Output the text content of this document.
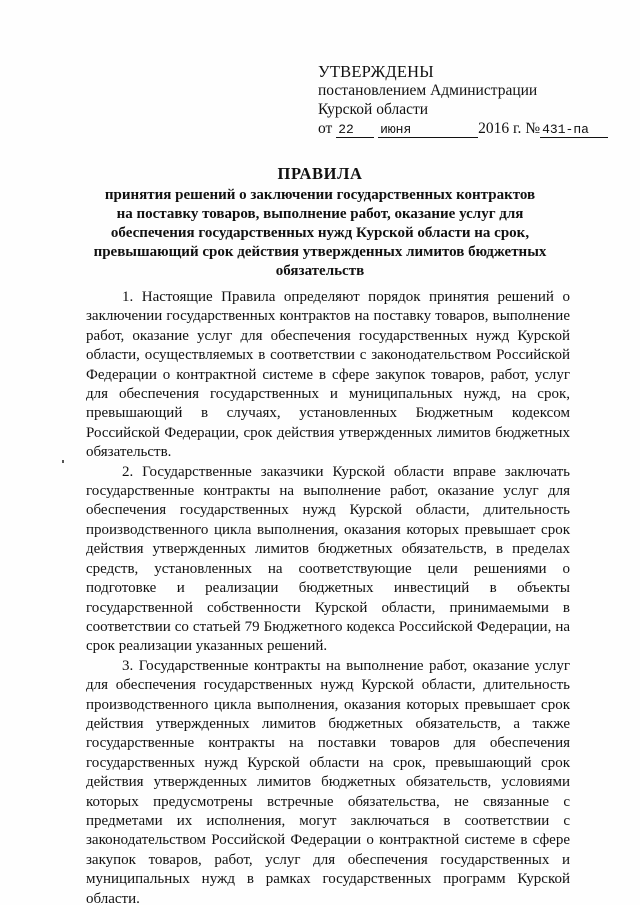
УТВЕРЖДЕНЫ
постановлением Администрации
Курской области
от 22 июня	2016 г. № 431-па
ПРАВИЛА
принятия решений о заключении государственных контрактов
на поставку товаров, выполнение работ, оказание услуг для
обеспечения государственных нужд Курской области на срок,
превышающий срок действия утвержденных лимитов бюджетных
обязательств

1. Настоящие Правила определяют порядок принятия решений о заключении государственных контрактов на поставку товаров, выполнение работ, оказание услуг для обеспечения государственных нужд Курской области, осуществляемых в соответствии с законодательством Российской Федерации о контрактной системе в сфере закупок товаров, работ, услуг для обеспечения государственных и муниципальных нужд, на срок, превышающий в случаях, установленных Бюджетным кодексом Российской Федерации, срок действия утвержденных лимитов бюджетных обязательств.

2. Государственные заказчики Курской области вправе заключать государственные контракты на выполнение работ, оказание услуг для обеспечения государственных нужд Курской области, длительность производственного цикла выполнения, оказания которых превышает срок действия утвержденных лимитов бюджетных обязательств, в пределах средств, установленных на соответствующие цели решениями о подготовке и реализации бюджетных инвестиций в объекты государственной собственности Курской области, принимаемыми в соответствии со статьей 79 Бюджетного кодекса Российской Федерации, на срок реализации указанных решений.

3. Государственные контракты на выполнение работ, оказание услуг для обеспечения государственных нужд Курской области, длительность производственного цикла выполнения, оказания которых превышает срок действия утвержденных лимитов бюджетных обязательств, а также государственные контракты на поставки товаров для обеспечения государственных нужд Курской области на срок, превышающий срок действия утвержденных лимитов бюджетных обязательств, условиями которых предусмотрены встречные обязательства, не связанные с предметами их исполнения, могут заключаться в соответствии с законодательством Российской Федерации о контрактной системе в сфере закупок товаров, работ, услуг для обеспечения государственных и муниципальных нужд в рамках государственных программ Курской области.
